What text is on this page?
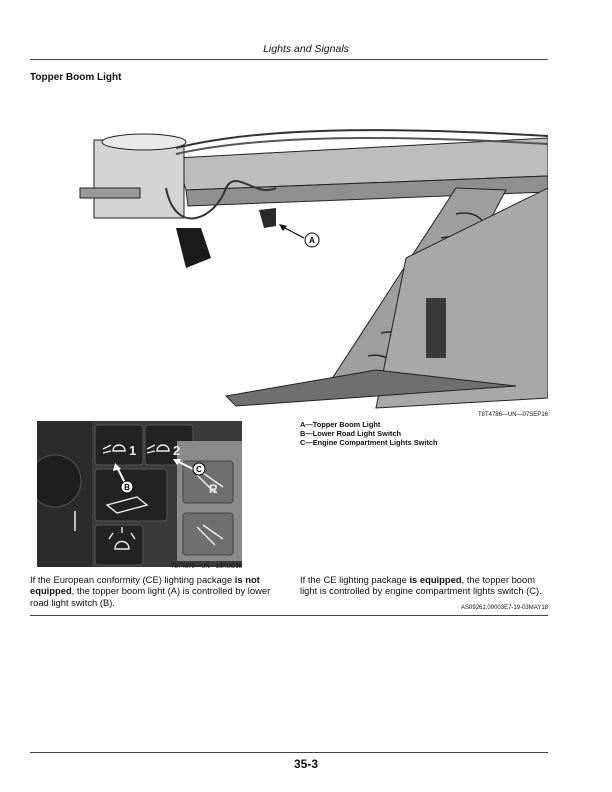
Lights and Signals
Topper Boom Light
A
T8T4786—UN—07SEP16
A—Topper Boom Light
B—Lower Road Light Switch
C—Engine Compartment Lights Switch
1	2
R
B
C
T8T4679—UN—19AUG16
If the European conformity (CE) lighting package is not equipped, the topper boom light (A) is controlled by lower road light switch (B).
If the CE lighting package is equipped, the topper boom light is controlled by engine compartment lights switch (C).
AS09261,00003E7-19-03MAY18
35-3
